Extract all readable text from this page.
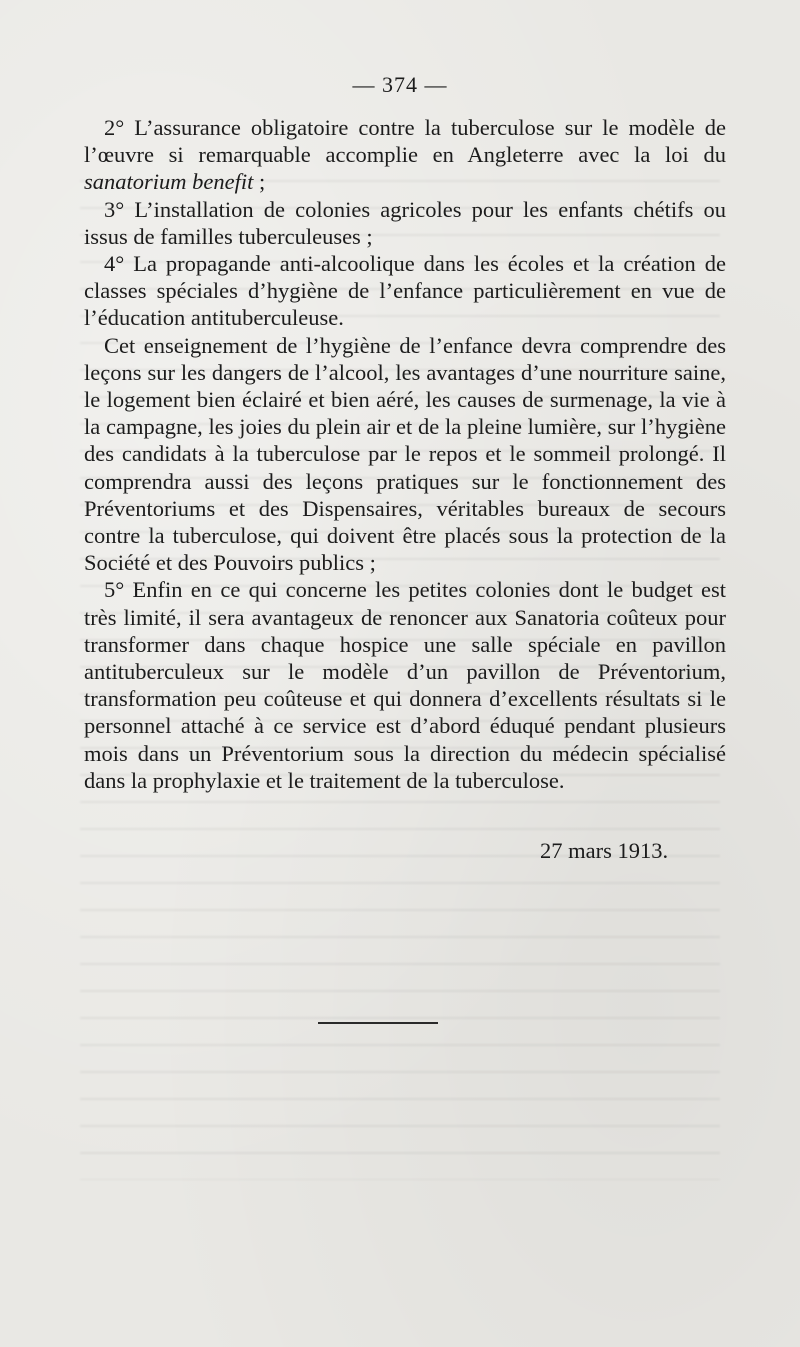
— 374 —

2° L’assurance obligatoire contre la tuberculose sur le modèle de l’œuvre si remarquable accomplie en Angleterre avec la loi du sanatorium benefit ;

3° L’installation de colonies agricoles pour les enfants chétifs ou issus de familles tuberculeuses ;

4° La propagande anti-alcoolique dans les écoles et la création de classes spéciales d’hygiène de l’enfance particulièrement en vue de l’éducation antituberculeuse.

Cet enseignement de l’hygiène de l’enfance devra comprendre des leçons sur les dangers de l’alcool, les avantages d’une nourriture saine, le logement bien éclairé et bien aéré, les causes de surmenage, la vie à la campagne, les joies du plein air et de la pleine lumière, sur l’hygiène des candidats à la tuberculose par le repos et le sommeil prolongé. Il comprendra aussi des leçons pratiques sur le fonctionnement des Préventoriums et des Dispensaires, véritables bureaux de secours contre la tuberculose, qui doivent être placés sous la protection de la Société et des Pouvoirs publics ;

5° Enfin en ce qui concerne les petites colonies dont le budget est très limité, il sera avantageux de renoncer aux Sanatoria coûteux pour transformer dans chaque hospice une salle spéciale en pavillon antituberculeux sur le modèle d’un pavillon de Préventorium, transformation peu coûteuse et qui donnera d’excellents résultats si le personnel attaché à ce service est d’abord éduqué pendant plusieurs mois dans un Préventorium sous la direction du médecin spécialisé dans la prophylaxie et le traitement de la tuberculose.

27 mars 1913.
